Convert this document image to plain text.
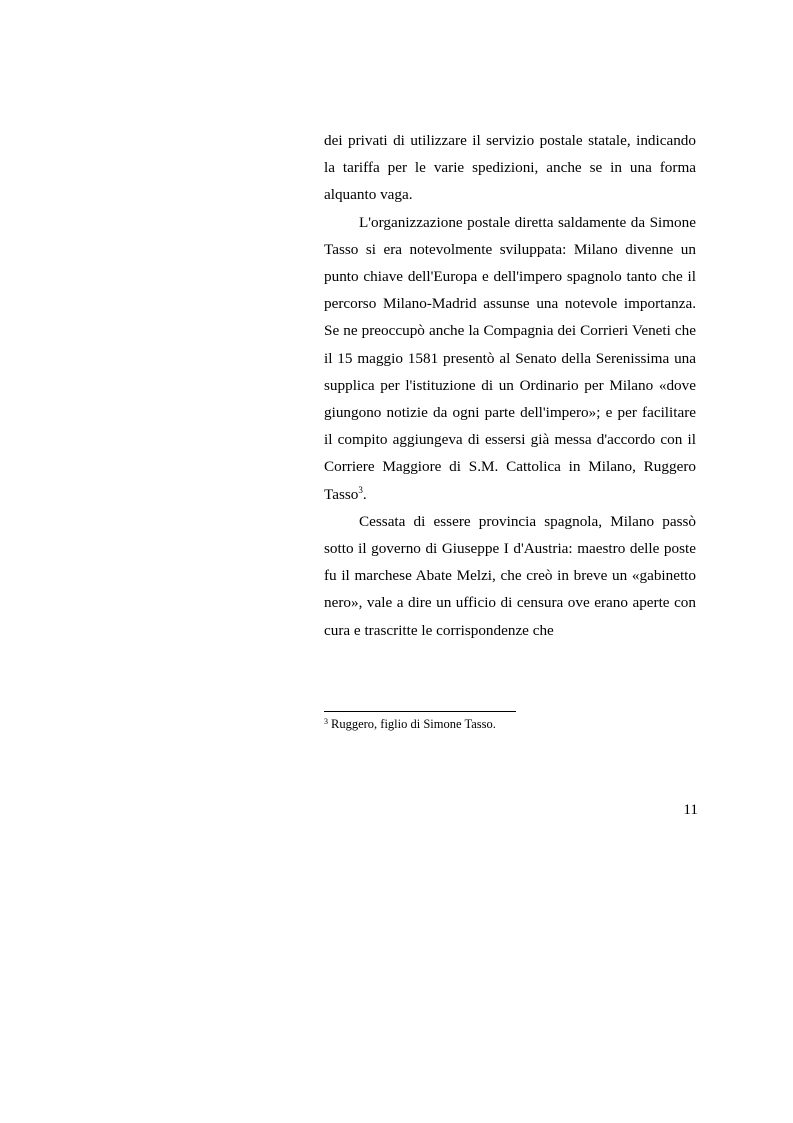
dei privati di utilizzare il servizio postale statale, indicando la tariffa per le varie spedizioni, anche se in una forma alquanto vaga.

L'organizzazione postale diretta saldamente da Simone Tasso si era notevolmente sviluppata: Milano divenne un punto chiave dell'Europa e dell'impero spagnolo tanto che il percorso Milano-Madrid assunse una notevole importanza. Se ne preoccupò anche la Compagnia dei Corrieri Veneti che il 15 maggio 1581 presentò al Senato della Serenissima una supplica per l'istituzione di un Ordinario per Milano «dove giungono notizie da ogni parte dell'impero»; e per facilitare il compito aggiungeva di essersi già messa d'accordo con il Corriere Maggiore di S.M. Cattolica in Milano, Ruggero Tasso$^3$.

Cessata di essere provincia spagnola, Milano passò sotto il governo di Giuseppe I d'Austria: maestro delle poste fu il marchese Abate Melzi, che creò in breve un «gabinetto nero», vale a dire un ufficio di censura ove erano aperte con cura e trascritte le corrispondenze che

$^3$ Ruggero, figlio di Simone Tasso.
11
